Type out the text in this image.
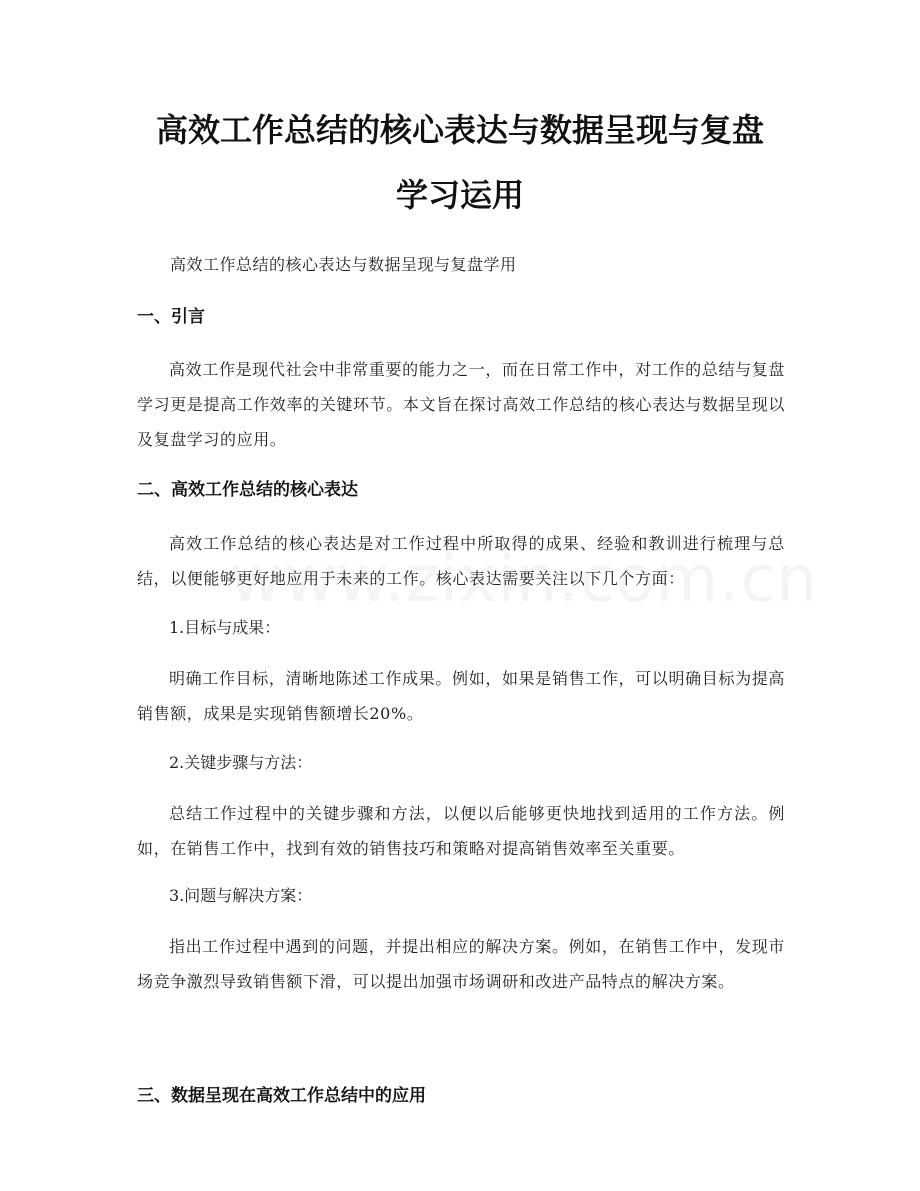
高效工作总结的核心表达与数据呈现与复盘
学习运用
高效工作总结的核心表达与数据呈现与复盘学用
一、引言

高效工作是现代社会中非常重要的能力之一，而在日常工作中，对工作的总结与复盘学习更是提高工作效率的关键环节。本文旨在探讨高效工作总结的核心表达与数据呈现以及复盘学习的应用。

二、高效工作总结的核心表达

高效工作总结的核心表达是对工作过程中所取得的成果、经验和教训进行梳理与总结，以便能够更好地应用于未来的工作。核心表达需要关注以下几个方面：

1.目标与成果：

明确工作目标，清晰地陈述工作成果。例如，如果是销售工作，可以明确目标为提高销售额，成果是实现销售额增长20%。

2.关键步骤与方法：

总结工作过程中的关键步骤和方法，以便以后能够更快地找到适用的工作方法。例如，在销售工作中，找到有效的销售技巧和策略对提高销售效率至关重要。

3.问题与解决方案：

指出工作过程中遇到的问题，并提出相应的解决方案。例如，在销售工作中，发现市场竞争激烈导致销售额下滑，可以提出加强市场调研和改进产品特点的解决方案。

三、数据呈现在高效工作总结中的应用
